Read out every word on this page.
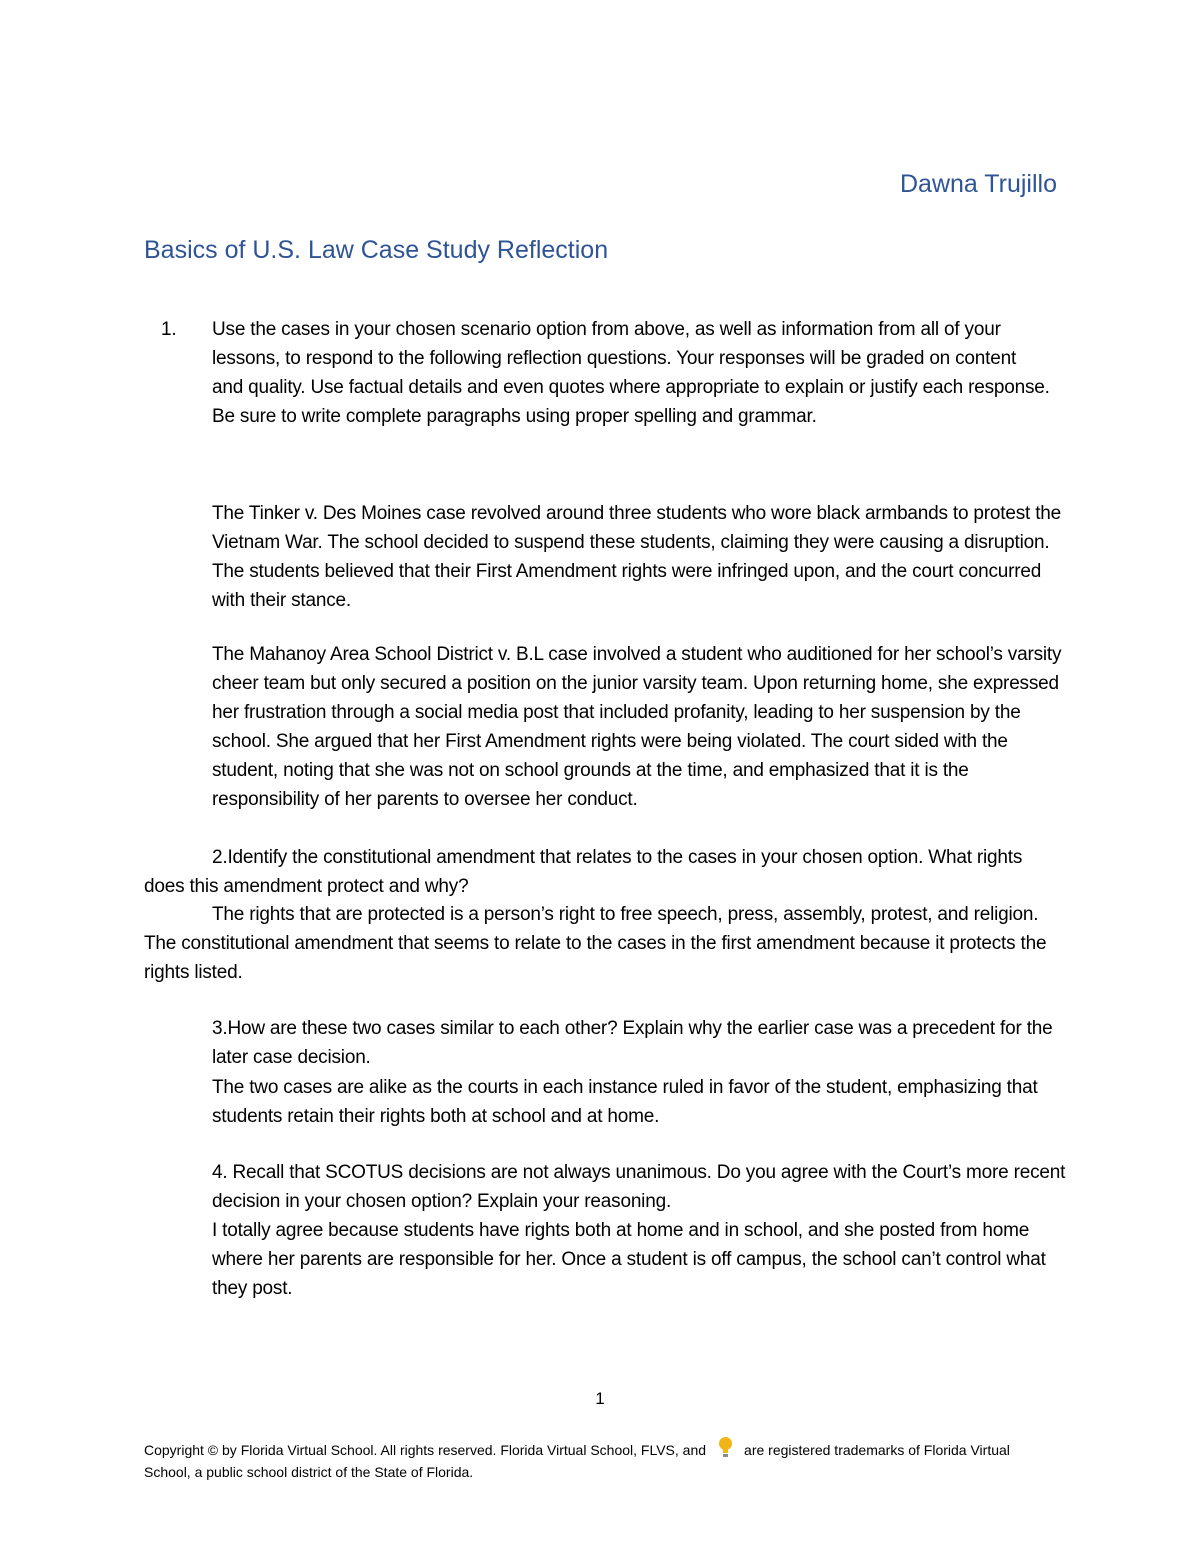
Dawna Trujillo
Basics of U.S. Law Case Study Reflection
1. Use the cases in your chosen scenario option from above, as well as information from all of your lessons, to respond to the following reflection questions. Your responses will be graded on content and quality. Use factual details and even quotes where appropriate to explain or justify each response. Be sure to write complete paragraphs using proper spelling and grammar.
The Tinker v. Des Moines case revolved around three students who wore black armbands to protest the Vietnam War. The school decided to suspend these students, claiming they were causing a disruption. The students believed that their First Amendment rights were infringed upon, and the court concurred with their stance.
The Mahanoy Area School District v. B.L case involved a student who auditioned for her school’s varsity cheer team but only secured a position on the junior varsity team. Upon returning home, she expressed her frustration through a social media post that included profanity, leading to her suspension by the school. She argued that her First Amendment rights were being violated. The court sided with the student, noting that she was not on school grounds at the time, and emphasized that it is the responsibility of her parents to oversee her conduct.
2.Identify the constitutional amendment that relates to the cases in your chosen option. What rights does this amendment protect and why?
The rights that are protected is a person’s right to free speech, press, assembly, protest, and religion. The constitutional amendment that seems to relate to the cases in the first amendment because it protects the rights listed.
3.How are these two cases similar to each other? Explain why the earlier case was a precedent for the later case decision.
The two cases are alike as the courts in each instance ruled in favor of the student, emphasizing that students retain their rights both at school and at home.
4. Recall that SCOTUS decisions are not always unanimous. Do you agree with the Court’s more recent decision in your chosen option? Explain your reasoning.
I totally agree because students have rights both at home and in school, and she posted from home where her parents are responsible for her. Once a student is off campus, the school can’t control what they post.
1
Copyright © by Florida Virtual School. All rights reserved. Florida Virtual School, FLVS, and	are registered trademarks of Florida Virtual School, a public school district of the State of Florida.
